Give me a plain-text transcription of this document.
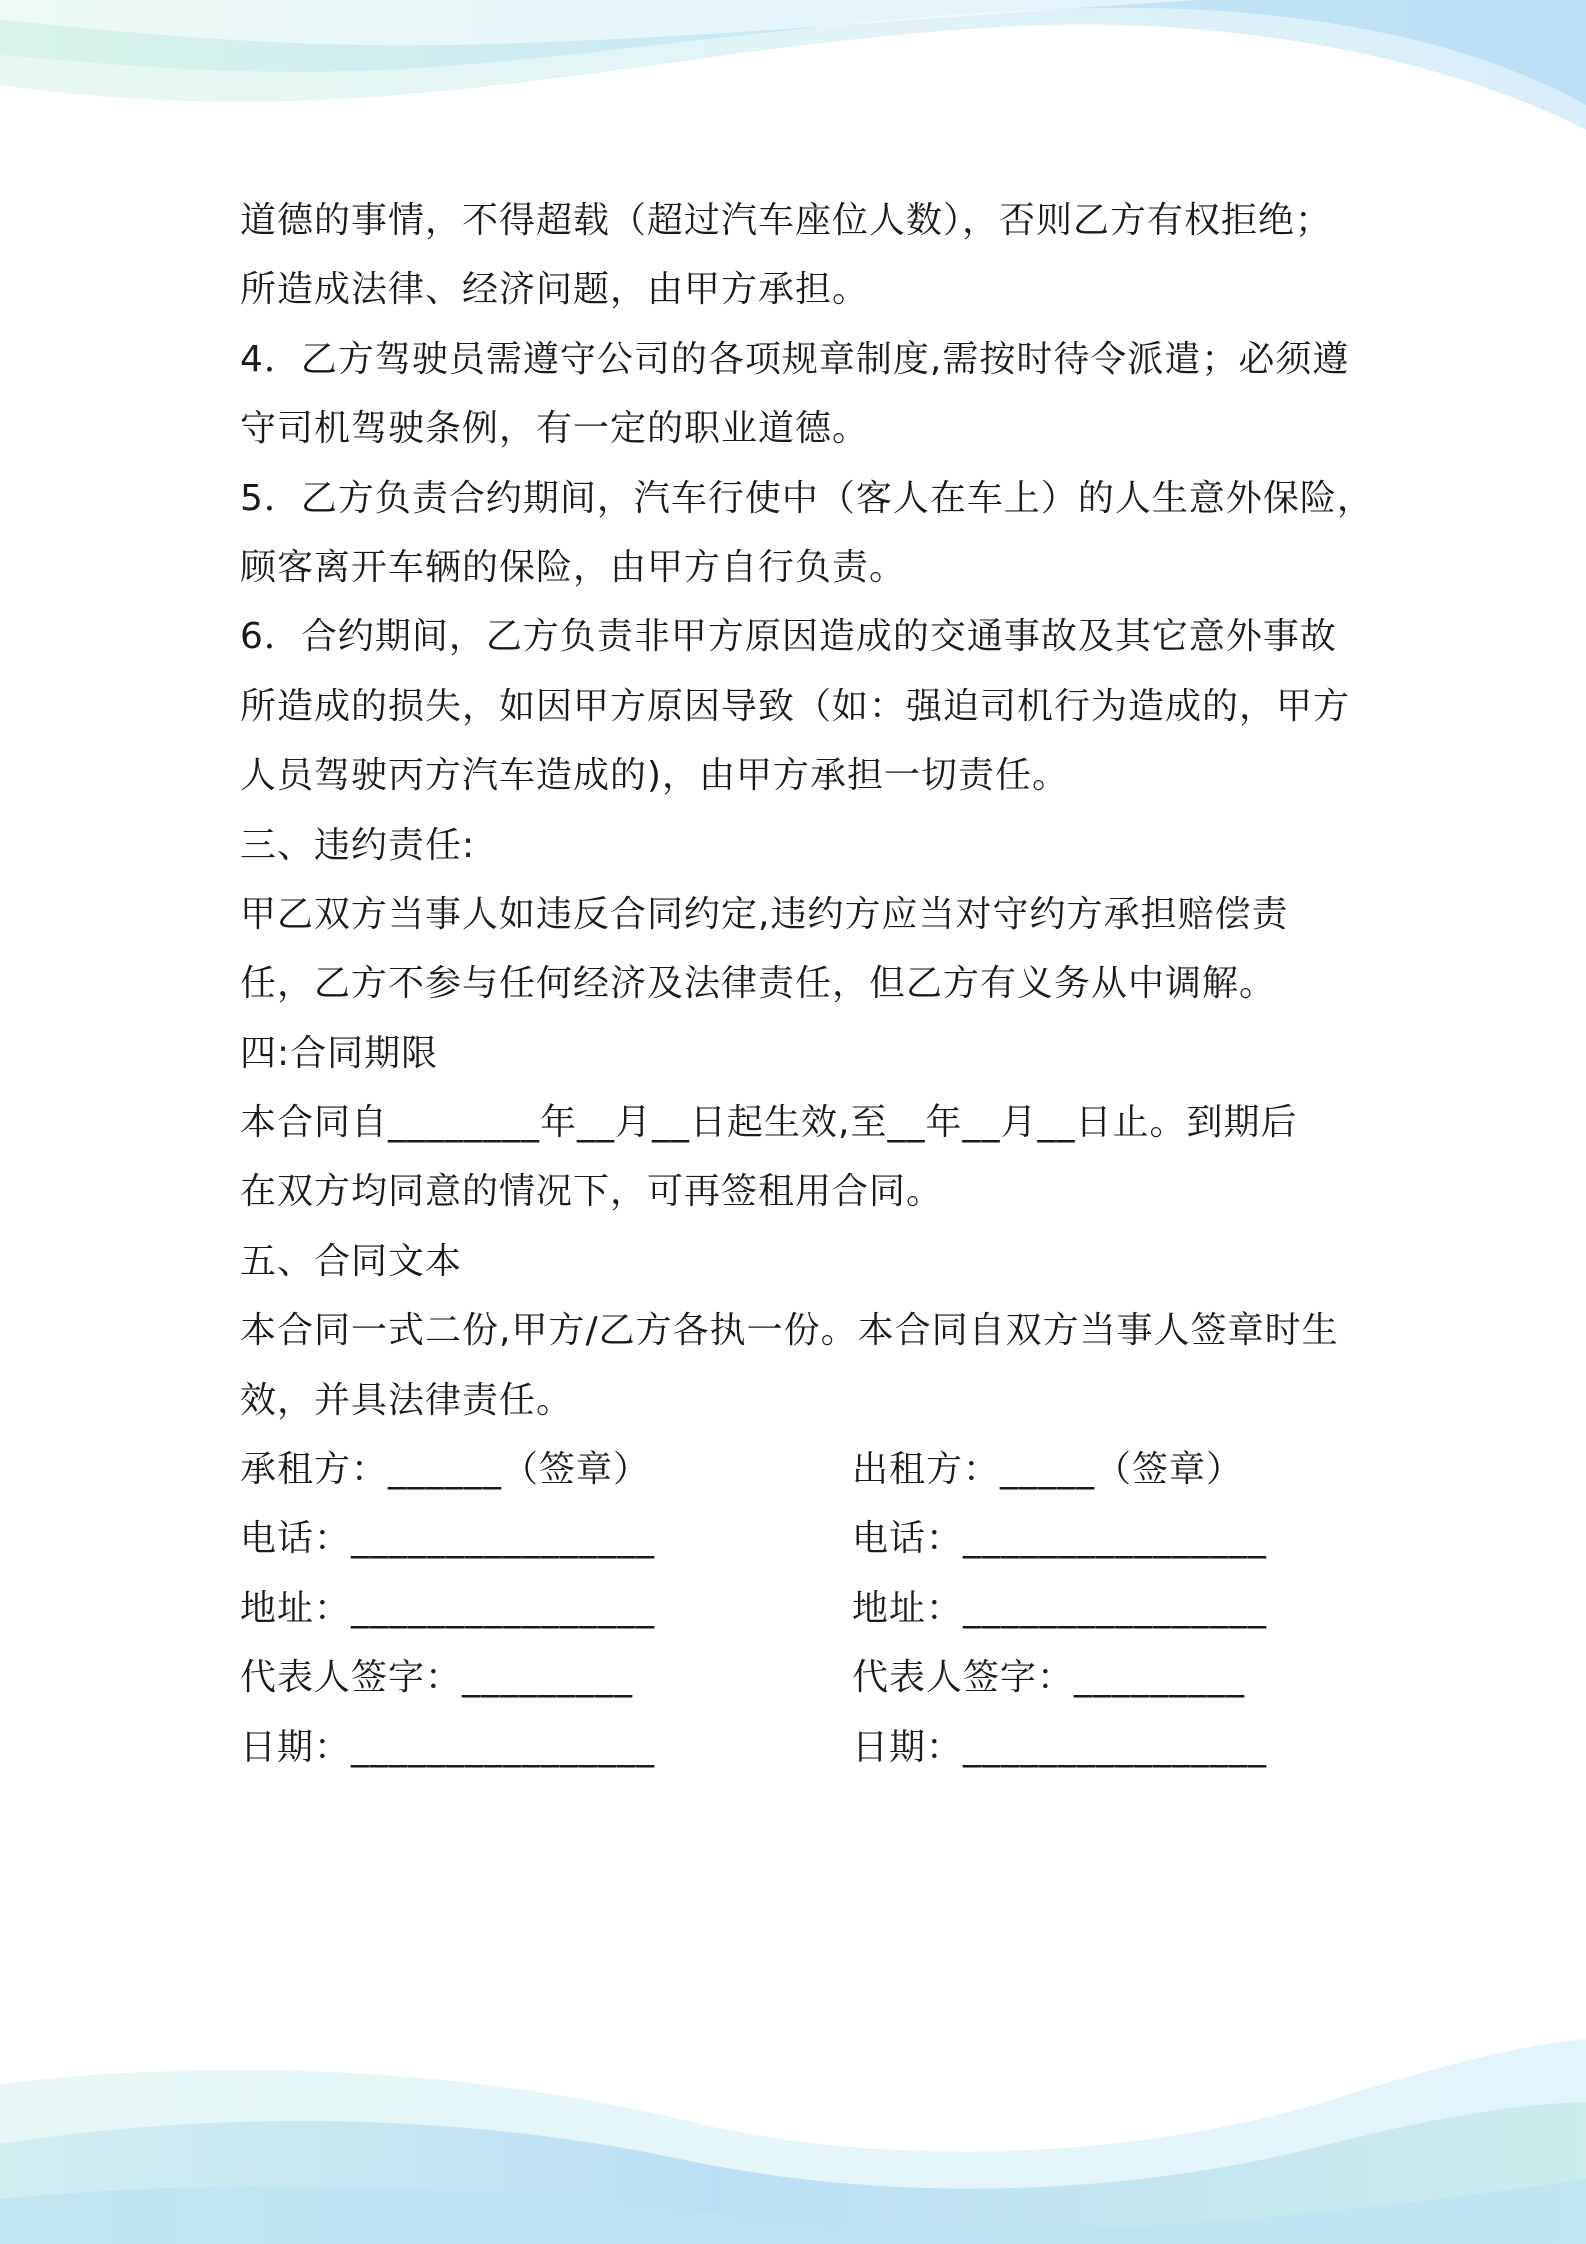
道德的事情，不得超载（超过汽车座位人数），否则乙方有权拒绝；
所造成法律、经济问题，由甲方承担。
4．乙方驾驶员需遵守公司的各项规章制度,需按时待令派遣；必须遵
守司机驾驶条例，有一定的职业道德。
5．乙方负责合约期间，汽车行使中（客人在车上）的人生意外保险，
顾客离开车辆的保险，由甲方自行负责。
6．合约期间，乙方负责非甲方原因造成的交通事故及其它意外事故
所造成的损失，如因甲方原因导致（如：强迫司机行为造成的，甲方
人员驾驶丙方汽车造成的)，由甲方承担一切责任。
三、违约责任:
甲乙双方当事人如违反合同约定,违约方应当对守约方承担赔偿责
任，乙方不参与任何经济及法律责任，但乙方有义务从中调解。
四:合同期限
本合同自________年__月__日起生效,至__年__月__日止。到期后
在双方均同意的情况下，可再签租用合同。
五、合同文本
本合同一式二份,甲方/乙方各执一份。本合同自双方当事人签章时生
效，并具法律责任。
承租方：______（签章）	出租方：_____（签章）
电话：________________	电话：________________
地址：________________	地址：________________
代表人签字：_________	代表人签字：_________
日期：________________	日期：________________
